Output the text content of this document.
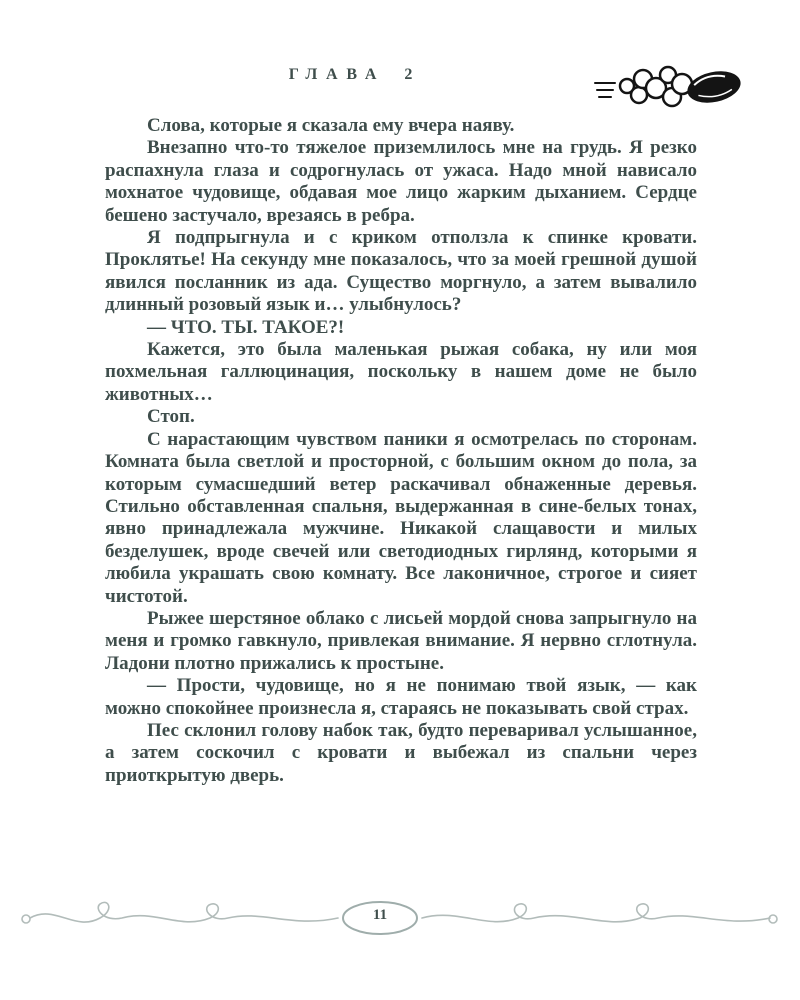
ГЛАВА 2

Слова, которые я сказала ему вчера наяву.

Внезапно что-то тяжелое приземлилось мне на грудь. Я резко распахнула глаза и содрогнулась от ужаса. Надо мной нависало мохнатое чудовище, обдавая мое лицо жарким дыханием. Сердце бешено застучало, врезаясь в ребра.

Я подпрыгнула и с криком отползла к спинке кровати. Проклятье! На секунду мне показалось, что за моей грешной душой явился посланник из ада. Существо моргнуло, а затем вывалило длинный розовый язык и… улыбнулось?

— ЧТО. ТЫ. ТАКОЕ?!

Кажется, это была маленькая рыжая собака, ну или моя похмельная галлюцинация, поскольку в нашем доме не было животных…

Стоп.

С нарастающим чувством паники я осмотрелась по сторонам. Комната была светлой и просторной, с большим окном до пола, за которым сумасшедший ветер раскачивал обнаженные деревья. Стильно обставленная спальня, выдержанная в сине-белых тонах, явно принадлежала мужчине. Никакой слащавости и милых безделушек, вроде свечей или светодиодных гирлянд, которыми я любила украшать свою комнату. Все лаконичное, строгое и сияет чистотой.

Рыжее шерстяное облако с лисьей мордой снова запрыгнуло на меня и громко гавкнуло, привлекая внимание. Я нервно сглотнула. Ладони плотно прижались к простыне.

— Прости, чудовище, но я не понимаю твой язык, — как можно спокойнее произнесла я, стараясь не показывать свой страх.

Пес склонил голову набок так, будто переваривал услышанное, а затем соскочил с кровати и выбежал из спальни через приоткрытую дверь.

11
